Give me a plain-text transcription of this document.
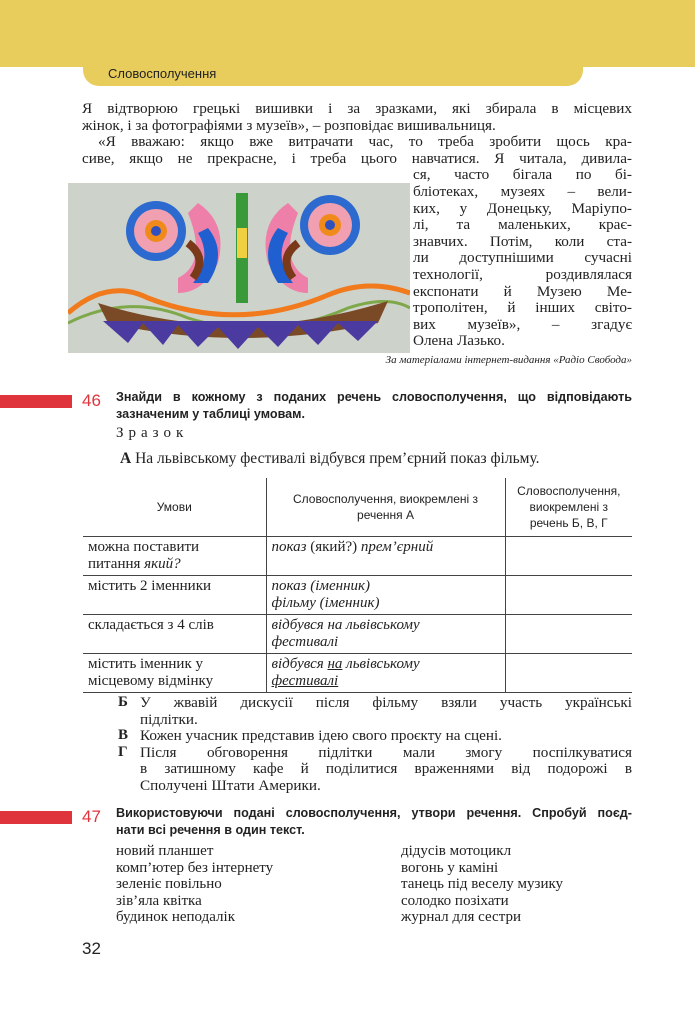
Словосполучення
Я відтворюю грецькі вишивки і за зразками, які збирала в місцевих
жінок, і за фотографіями з музеїв», – розповідає вишивальниця.
«Я вважаю: якщо вже витрачати час, то треба зробити щось кра-
сиве, якщо не прекрасне, і треба цього навчатися. Я читала, дивила-
ся, часто бігала по бі-
бліотеках, музеях – вели-
ких, у Донецьку, Маріупо-
лі, та маленьких, крає-
знавчих. Потім, коли ста-
ли доступнішими сучасні
технології, роздивлялася
експонати й Музею Ме-
трополітен, й інших світо-
вих музеїв», – згадує
Олена Лазько.
За матеріалами інтернет-видання «Радіо Свобода»
46 Знайди в кожному з поданих речень словосполучення, що відповідають
зазначеним у таблиці умовам.
Зразок
А На львівському фестивалі відбувся прем’єрний показ фільму.
Умови	Словосполучення, виокремлені з речення А	Словосполучення, виокремлені з речень Б, В, Г
можна поставити
питання який?	показ (який?) прем’єрний	
містить 2 іменники	показ (іменник)
фільму (іменник)	
складається з 4 слів	відбувся на львівському
фестивалі	
містить іменник у
місцевому відмінку	відбувся на львівському
фестивалі	
Б У жвавій дискусії після фільму взяли участь українські
підлітки.
В Кожен учасник представив ідею свого проєкту на сцені.
Г Після обговорення підлітки мали змогу поспілкуватися
в затишному кафе й поділитися враженнями від подорожі в
Сполучені Штати Америки.
47 Використовуючи подані словосполучення, утвори речення. Спробуй поєд-
нати всі речення в один текст.
новий планшет
комп’ютер без інтернету
зеленіє повільно
зів’яла квітка
будинок неподалік
дідусів мотоцикл
вогонь у каміні
танець під веселу музику
солодко позіхати
журнал для сестри
32
